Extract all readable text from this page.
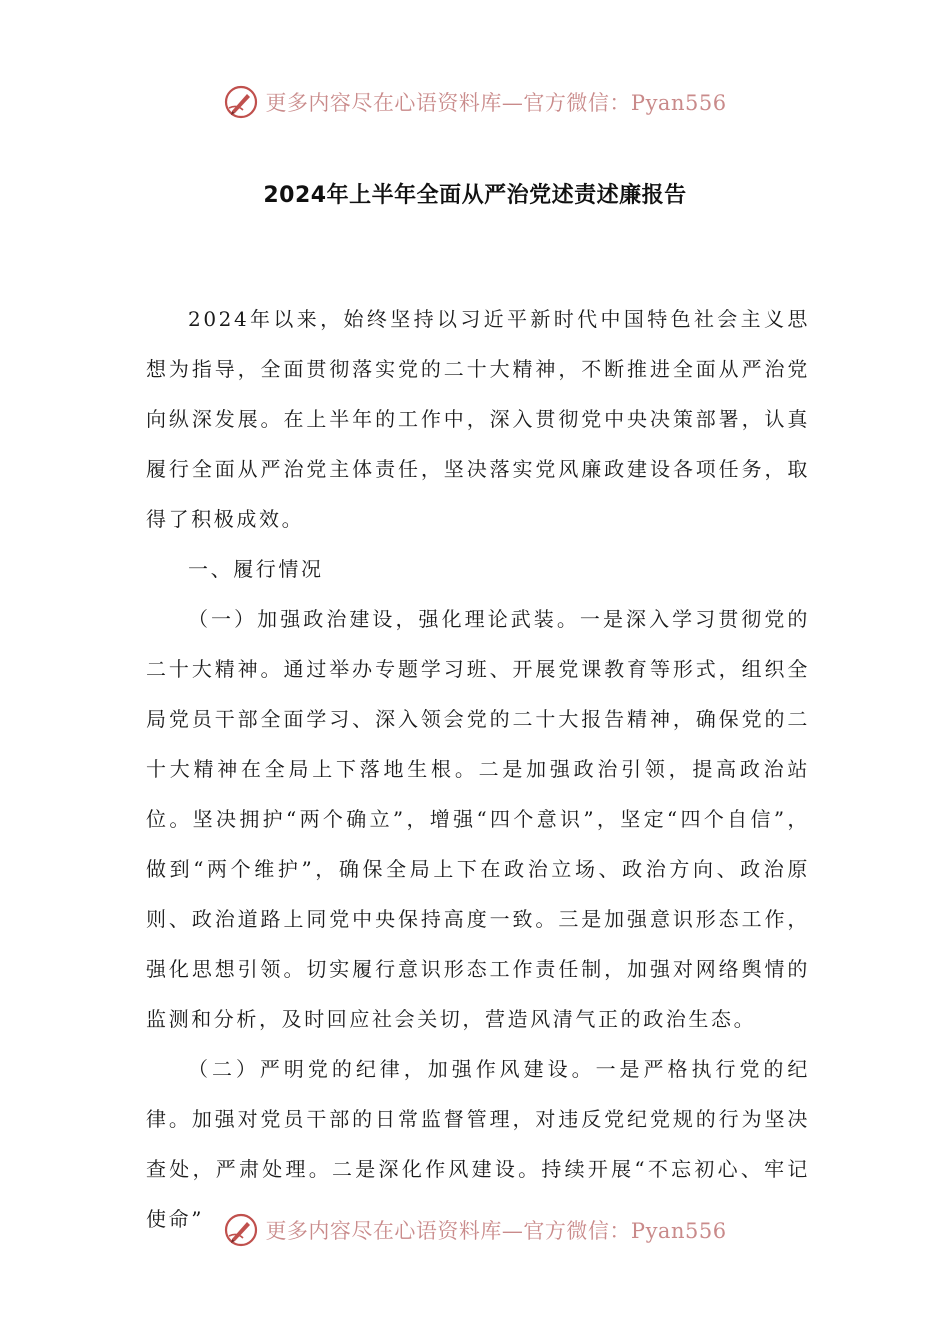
更多内容尽在心语资料库—官方微信：Pyan556
2024年上半年全面从严治党述责述廉报告

2024年以来，始终坚持以习近平新时代中国特色社会主义思想为指导，全面贯彻落实党的二十大精神，不断推进全面从严治党向纵深发展。在上半年的工作中，深入贯彻党中央决策部署，认真履行全面从严治党主体责任，坚决落实党风廉政建设各项任务，取得了积极成效。

一、履行情况

（一）加强政治建设，强化理论武装。一是深入学习贯彻党的二十大精神。通过举办专题学习班、开展党课教育等形式，组织全局党员干部全面学习、深入领会党的二十大报告精神，确保党的二十大精神在全局上下落地生根。二是加强政治引领，提高政治站位。坚决拥护“两个确立”，增强“四个意识”，坚定“四个自信”，做到“两个维护”，确保全局上下在政治立场、政治方向、政治原则、政治道路上同党中央保持高度一致。三是加强意识形态工作，强化思想引领。切实履行意识形态工作责任制，加强对网络舆情的监测和分析，及时回应社会关切，营造风清气正的政治生态。

（二）严明党的纪律，加强作风建设。一是严格执行党的纪律。加强对党员干部的日常监督管理，对违反党纪党规的行为坚决查处，严肃处理。二是深化作风建设。持续开展“不忘初心、牢记使命”	更多内容尽在心语资料库—官方微信：Pyan556
